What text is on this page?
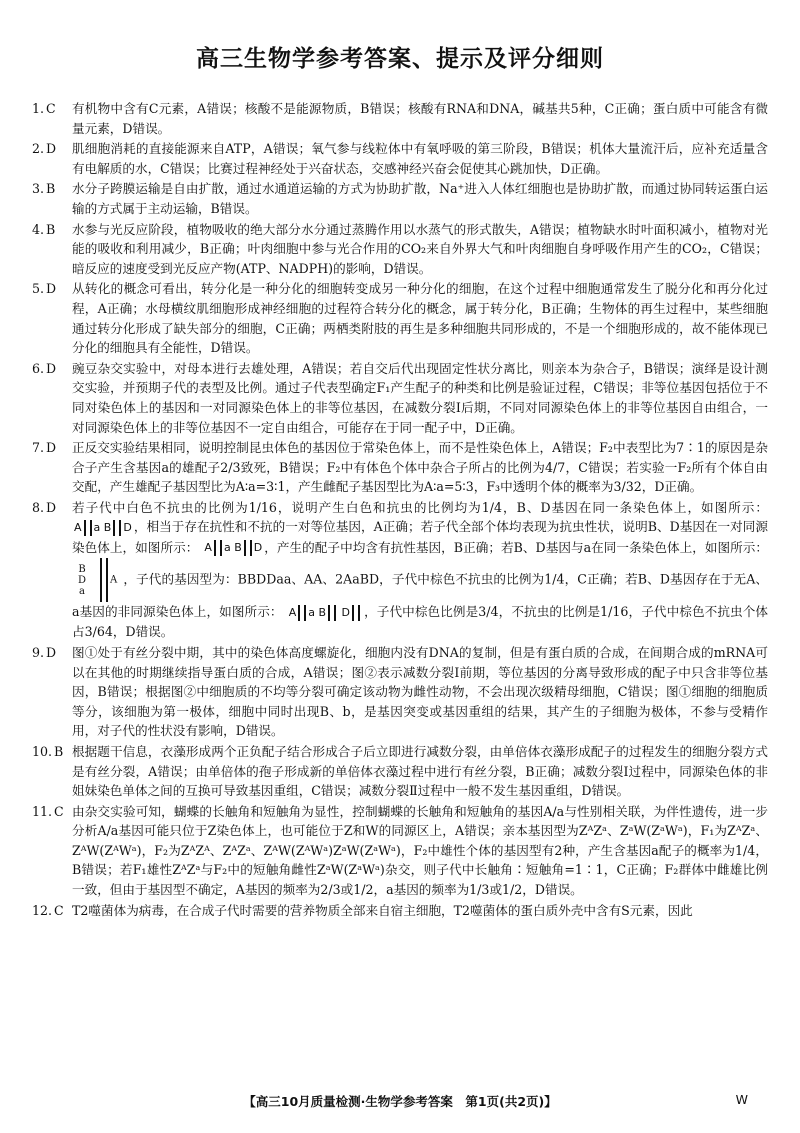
高三生物学参考答案、提示及评分细则
1. C 有机物中含有C元素，A错误；核酸不是能源物质，B错误；核酸有RNA和DNA，碱基共5种，C正确；蛋白质中可能含有微量元素，D错误。
2. D 肌细胞消耗的直接能源来自ATP，A错误；氧气参与线粒体中有氧呼吸的第三阶段，B错误；机体大量流汗后，应补充适量含有电解质的水，C错误；比赛过程神经处于兴奋状态，交感神经兴奋会促使其心跳加快，D正确。
3. B 水分子跨膜运输是自由扩散，通过水通道运输的方式为协助扩散，Na⁺进入人体红细胞也是协助扩散，而通过协同转运蛋白运输的方式属于主动运输，B错误。
4. B 水参与光反应阶段，植物吸收的绝大部分水分通过蒸腾作用以水蒸气的形式散失，A错误；植物缺水时叶面积减小，植物对光能的吸收和利用减少，B正确；叶肉细胞中参与光合作用的CO₂来自外界大气和叶肉细胞自身呼吸作用产生的CO₂，C错误；暗反应的速度受到光反应产物(ATP、NADPH)的影响，D错误。
5. D 从转化的概念可看出，转分化是一种分化的细胞转变成另一种分化的细胞，在这个过程中细胞通常发生了脱分化和再分化过程，A正确；水母横纹肌细胞形成神经细胞的过程符合转分化的概念，属于转分化，B正确；生物体的再生过程中，某些细胞通过转分化形成了缺失部分的细胞，C正确；两栖类附肢的再生是多种细胞共同形成的，不是一个细胞形成的，故不能体现已分化的细胞具有全能性，D错误。
6. D 豌豆杂交实验中，对母本进行去雄处理，A错误；若自交后代出现固定性状分离比，则亲本为杂合子，B错误；演绎是设计测交实验，并预期子代的表型及比例。通过子代表型确定F₁产生配子的种类和比例是验证过程，C错误；非等位基因包括位于不同对染色体上的基因和一对同源染色体上的非等位基因，在减数分裂Ⅰ后期，不同对同源染色体上的非等位基因自由组合，一对同源染色体上的非等位基因不一定自由组合，可能存在于同一配子中，D正确。
7. D 正反交实验结果相同，说明控制昆虫体色的基因位于常染色体上，而不是性染色体上，A错误；F₂中表型比为7∶1的原因是杂合子产生含基因a的雄配子2/3致死，B错误；F₂中有体色个体中杂合子所占的比例为4/7，C错误；若实验一F₂所有个体自由交配，产生雄配子基因型比为A∶a=3∶1，产生雌配子基因型比为A∶a=5∶3，F₃中透明个体的概率为3/32，D正确。
8. D 若子代中白色不抗虫的比例为1/16，说明产生白色和抗虫的比例均为1/4，B、D基因在同一条染色体上，如图所示：
A a
B D ，相当于存在抗性和不抗的一对等位基因，A正确；若子代全部个体均表现为抗虫性状，说明B、D基因在一对同源染色体上，如图所示： A a
B D ，产生的配子中均含有抗性基因，B正确；若B、D基因与a在同一条染色体上，如图所示： B
D
aA ，子代的基因型为：BBDDaa、AA、2AaBD，子代中棕色不抗虫的比例为1/4，C正确；若B、D基因存在于无A、a基因的非同源染色体上，如图所示： A a
B
D ，子代中棕色比例是3/4，不抗虫的比例是1/16，子代中棕色不抗虫个体占3/64，D错误。
9. D 图①处于有丝分裂中期，其中的染色体高度螺旋化，细胞内没有DNA的复制，但是有蛋白质的合成，在间期合成的mRNA可以在其他的时期继续指导蛋白质的合成，A错误；图②表示减数分裂Ⅰ前期，等位基因的分离导致形成的配子中只含非等位基因，B错误；根据图②中细胞质的不均等分裂可确定该动物为雌性动物，不会出现次级精母细胞，C错误；图①细胞的细胞质等分，该细胞为第一极体，细胞中同时出现B、b，是基因突变或基因重组的结果，其产生的子细胞为极体，不参与受精作用，对子代的性状没有影响，D错误。
10. B 根据题干信息，衣藻形成两个正负配子结合形成合子后立即进行减数分裂，由单倍体衣藻形成配子的过程发生的细胞分裂方式是有丝分裂，A错误；由单倍体的孢子形成新的单倍体衣藻过程中进行有丝分裂，B正确；减数分裂Ⅰ过程中，同源染色体的非姐妹染色单体之间的互换可导致基因重组，C错误；减数分裂Ⅱ过程中一般不发生基因重组，D错误。
11. C 由杂交实验可知，蝴蝶的长触角和短触角为显性，控制蝴蝶的长触角和短触角的基因A/a与性别相关联，为伴性遗传，进一步分析A/a基因可能只位于Z染色体上，也可能位于Z和W的同源区上，A错误；亲本基因型为ZᴬZᵃ、ZᵃW(ZᵃWᵃ)，F₁为ZᴬZᵃ、ZᴬW(ZᴬWᵃ)，F₂为ZᴬZᴬ、ZᴬZᵃ、ZᴬW(ZᴬWᵃ)ZᵃW(ZᵃWᵃ)，F₂中雄性个体的基因型有2种，产生含基因a配子的概率为1/4，B错误；若F₁雄性ZᴬZᵃ与F₂中的短触角雌性ZᵃW(ZᵃWᵃ)杂交，则子代中长触角∶短触角=1∶1，C正确；F₂群体中雌雄比例一致，但由于基因型不确定，A基因的频率为2/3或1/2，a基因的频率为1/3或1/2，D错误。
12. C T2噬菌体为病毒，在合成子代时需要的营养物质全部来自宿主细胞，T2噬菌体的蛋白质外壳中含有S元素，因此
【高三10月质量检测·生物学参考答案　第1页(共2页)】	W
